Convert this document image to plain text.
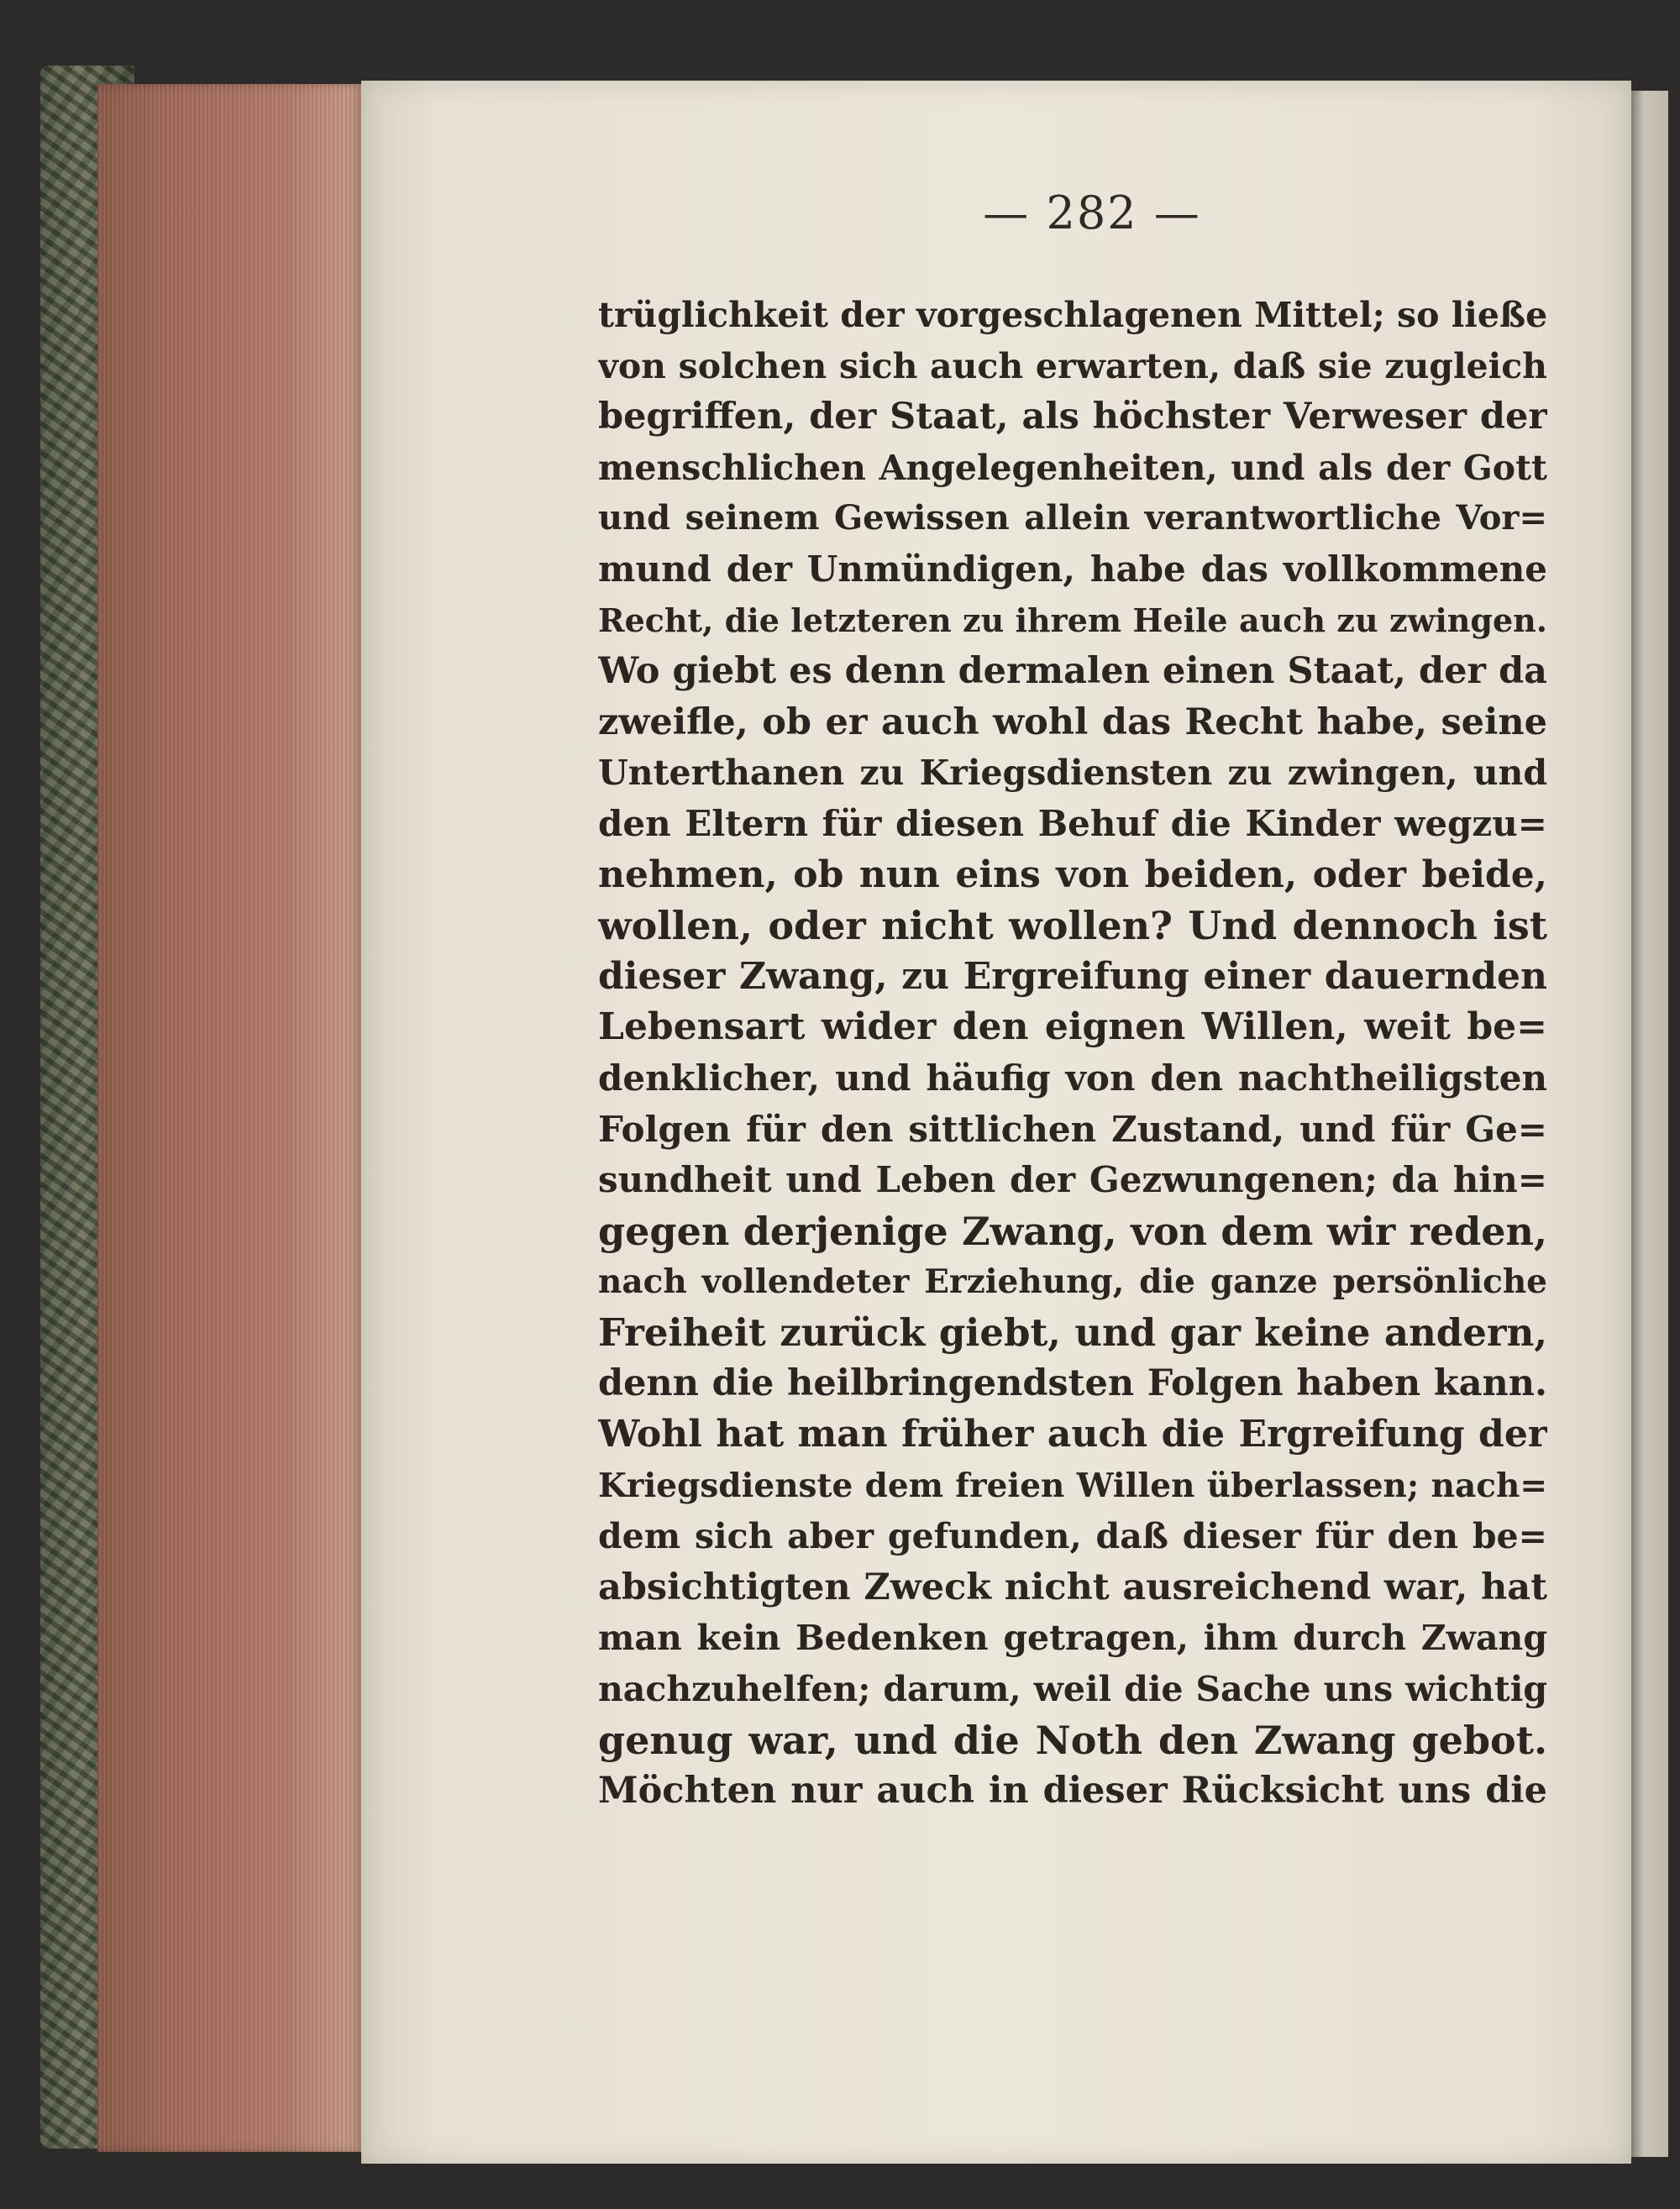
— 282 —
trüglichkeit der vorgeschlagenen Mittel; so ließe
von solchen sich auch erwarten, daß sie zugleich
begriffen, der Staat, als höchster Verweser der
menschlichen Angelegenheiten, und als der Gott
und seinem Gewissen allein verantwortliche Vor=
mund der Unmündigen, habe das vollkommene
Recht, die letzteren zu ihrem Heile auch zu zwingen.
Wo giebt es denn dermalen einen Staat, der da
zweifle, ob er auch wohl das Recht habe, seine
Unterthanen zu Kriegsdiensten zu zwingen, und
den Eltern für diesen Behuf die Kinder wegzu=
nehmen, ob nun eins von beiden, oder beide,
wollen, oder nicht wollen? Und dennoch ist
dieser Zwang, zu Ergreifung einer dauernden
Lebensart wider den eignen Willen, weit be=
denklicher, und häufig von den nachtheiligsten
Folgen für den sittlichen Zustand, und für Ge=
sundheit und Leben der Gezwungenen; da hin=
gegen derjenige Zwang, von dem wir reden,
nach vollendeter Erziehung, die ganze persönliche
Freiheit zurück giebt, und gar keine andern,
denn die heilbringendsten Folgen haben kann.
Wohl hat man früher auch die Ergreifung der
Kriegsdienste dem freien Willen überlassen; nach=
dem sich aber gefunden, daß dieser für den be=
absichtigten Zweck nicht ausreichend war, hat
man kein Bedenken getragen, ihm durch Zwang
nachzuhelfen; darum, weil die Sache uns wichtig
genug war, und die Noth den Zwang gebot.
Möchten nur auch in dieser Rücksicht uns die
